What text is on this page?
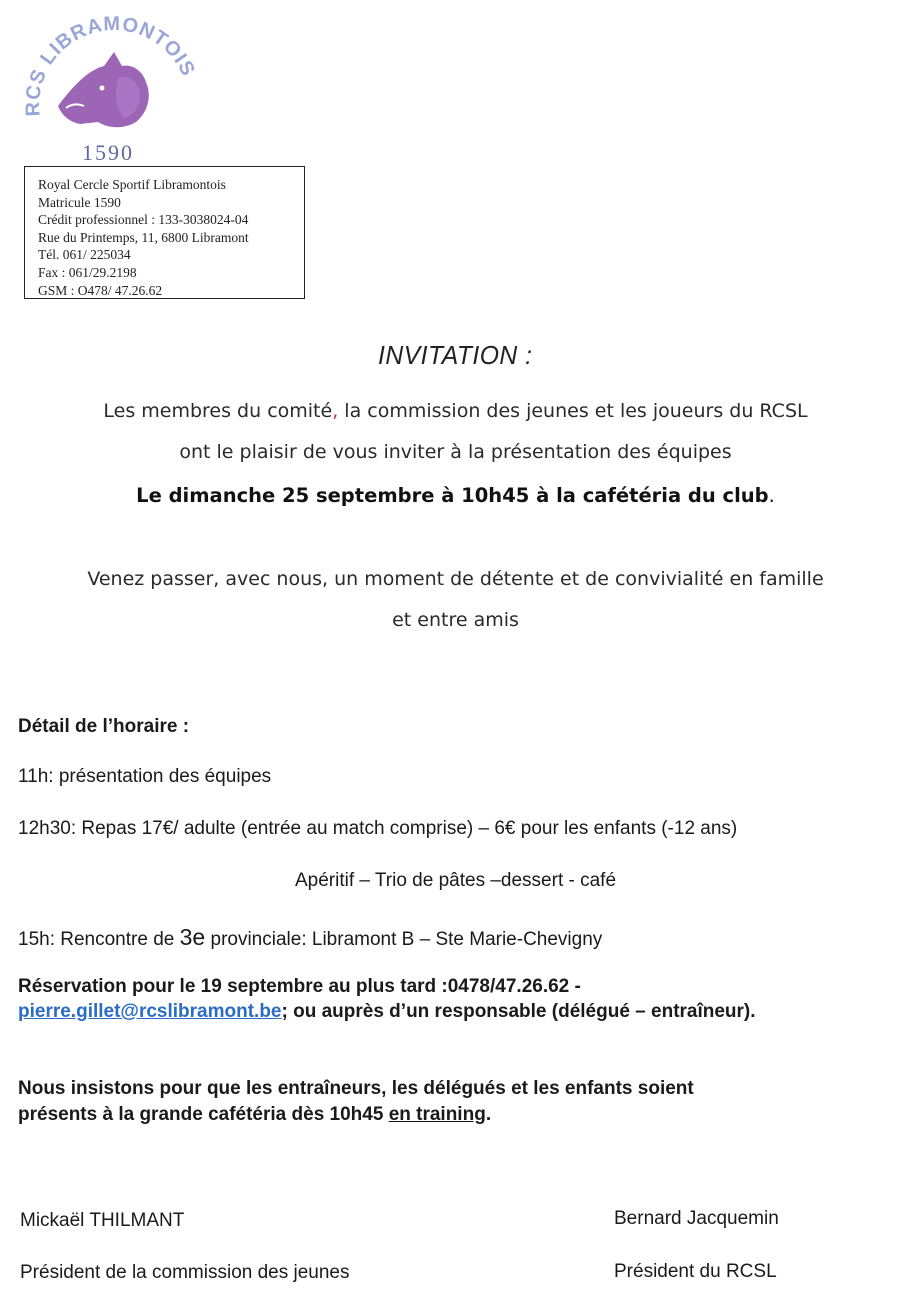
RCS LIBRAMONTOIS
1590
Royal Cercle Sportif Libramontois
Matricule 1590
Crédit professionnel : 133-3038024-04
Rue du Printemps, 11, 6800 Libramont
Tél. 061/ 225034
Fax : 061/29.2198
GSM : O478/ 47.26.62
INVITATION :
Les membres du comité, la commission des jeunes et les joueurs du RCSL
ont le plaisir de vous inviter à la présentation des équipes
Le dimanche 25 septembre à 10h45 à la cafétéria du club.
Venez passer, avec nous, un moment de détente et de convivialité en famille
et entre amis
Détail de l’horaire :
11h: présentation des équipes
12h30: Repas 17€/ adulte (entrée au match comprise) – 6€ pour les enfants (-12 ans)
Apéritif – Trio de pâtes –dessert - café
15h: Rencontre de 3e provinciale: Libramont B – Ste Marie-Chevigny
Réservation pour le 19 septembre au plus tard :0478/47.26.62 -
pierre.gillet@rcslibramont.be; ou auprès d’un responsable (délégué – entraîneur).
Nous insistons pour que les entraîneurs, les délégués et les enfants soient
présents à la grande cafétéria dès 10h45 en training.
Mickaël THILMANT
Président de la commission des jeunes
Bernard Jacquemin
Président du RCSL
